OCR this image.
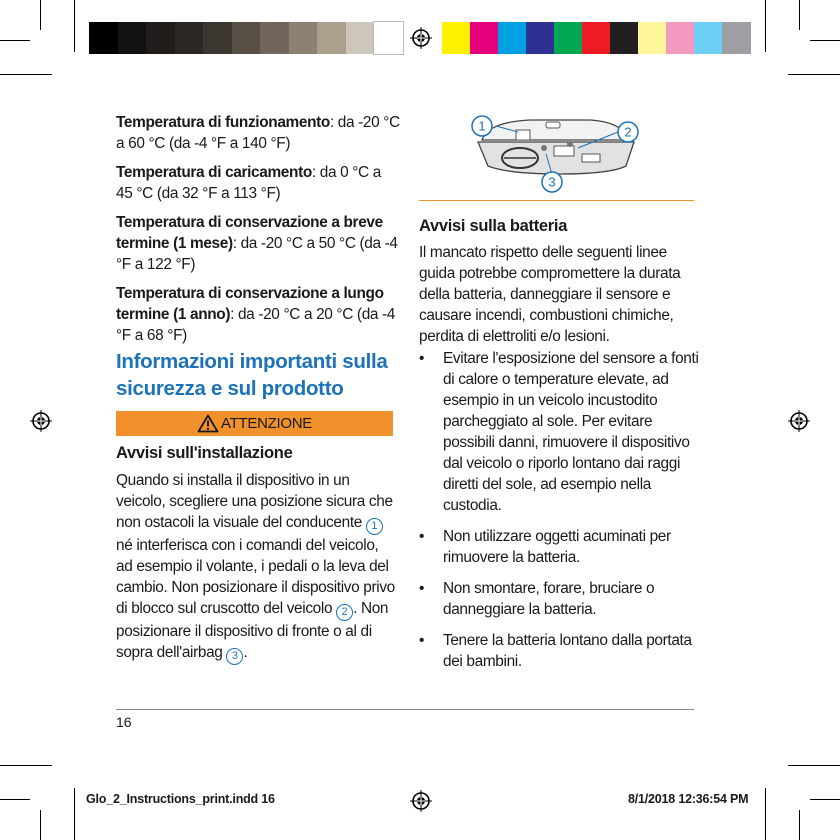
Temperatura di funzionamento: da -20 °C a 60 °C (da -4 °F a 140 °F)

Temperatura di caricamento: da 0 °C a 45 °C (da 32 °F a 113 °F)

Temperatura di conservazione a breve termine (1 mese): da -20 °C a 50 °C (da -4 °F a 122 °F)

Temperatura di conservazione a lungo termine (1 anno): da -20 °C a 20 °C (da -4 °F a 68 °F)

Informazioni importanti sulla sicurezza e sul prodotto
ATTENZIONE
Avvisi sull'installazione
Quando si installa il dispositivo in un veicolo, scegliere una posizione sicura che non ostacoli la visuale del conducente 1 né interferisca con i comandi del veicolo, ad esempio il volante, i pedali o la leva del cambio. Non posizionare il dispositivo privo di blocco sul cruscotto del veicolo 2 . Non posizionare il dispositivo di fronte o al di sopra dell'airbag 3 .
1	2
3
Avvisi sulla batteria
Il mancato rispetto delle seguenti linee guida potrebbe compromettere la durata della batteria, danneggiare il sensore e causare incendi, combustioni chimiche, perdita di elettroliti e/o lesioni.
• Evitare l'esposizione del sensore a fonti di calore o temperature elevate, ad esempio in un veicolo incustodito parcheggiato al sole. Per evitare possibili danni, rimuovere il dispositivo dal veicolo o riporlo lontano dai raggi diretti del sole, ad esempio nella custodia.
• Non utilizzare oggetti acuminati per rimuovere la batteria.
• Non smontare, forare, bruciare o danneggiare la batteria.
• Tenere la batteria lontano dalla portata dei bambini.
16
Glo_2_Instructions_print.indd 16	8/1/2018 12:36:54 PM
